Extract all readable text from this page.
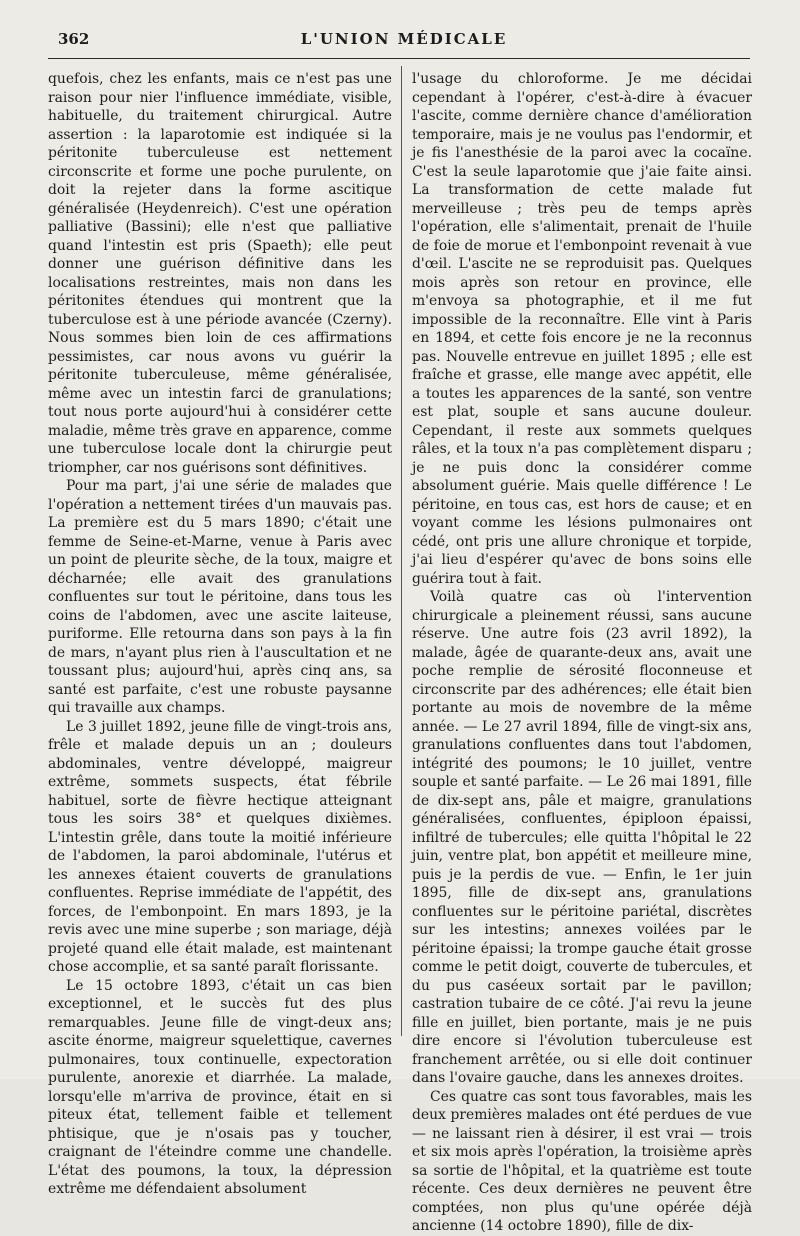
362	L'UNION MÉDICALE

quefois, chez les enfants, mais ce n'est pas une raison pour nier l'influence immédiate, visible, habituelle, du traitement chirurgical. Autre assertion : la laparotomie est indiquée si la péritonite tuberculeuse est nettement circonscrite et forme une poche purulente, on doit la rejeter dans la forme ascitique généralisée (Heydenreich). C'est une opération palliative (Bassini); elle n'est que palliative quand l'intestin est pris (Spaeth); elle peut donner une guérison définitive dans les localisations restreintes, mais non dans les péritonites étendues qui montrent que la tuberculose est à une période avancée (Czerny). Nous sommes bien loin de ces affirmations pessimistes, car nous avons vu guérir la péritonite tuberculeuse, même généralisée, même avec un intestin farci de granulations; tout nous porte aujourd'hui à considérer cette maladie, même très grave en apparence, comme une tuberculose locale dont la chirurgie peut triompher, car nos guérisons sont définitives.

Pour ma part, j'ai une série de malades que l'opération a nettement tirées d'un mauvais pas. La première est du 5 mars 1890; c'était une femme de Seine-et-Marne, venue à Paris avec un point de pleurite sèche, de la toux, maigre et décharnée; elle avait des granulations confluentes sur tout le péritoine, dans tous les coins de l'abdomen, avec une ascite laiteuse, puriforme. Elle retourna dans son pays à la fin de mars, n'ayant plus rien à l'auscultation et ne toussant plus; aujourd'hui, après cinq ans, sa santé est parfaite, c'est une robuste paysanne qui travaille aux champs.

Le 3 juillet 1892, jeune fille de vingt-trois ans, frêle et malade depuis un an ; douleurs abdominales, ventre développé, maigreur extrême, sommets suspects, état fébrile habituel, sorte de fièvre hectique atteignant tous les soirs 38° et quelques dixièmes. L'intestin grêle, dans toute la moitié inférieure de l'abdomen, la paroi abdominale, l'utérus et les annexes étaient couverts de granulations confluentes. Reprise immédiate de l'appétit, des forces, de l'embonpoint. En mars 1893, je la revis avec une mine superbe ; son mariage, déjà projeté quand elle était malade, est maintenant chose accomplie, et sa santé paraît florissante.

Le 15 octobre 1893, c'était un cas bien exceptionnel, et le succès fut des plus remarquables. Jeune fille de vingt-deux ans; ascite énorme, maigreur squelettique, cavernes pulmonaires, toux continuelle, expectoration purulente, anorexie et diarrhée. La malade, lorsqu'elle m'arriva de province, était en si piteux état, tellement faible et tellement phtisique, que je n'osais pas y toucher, craignant de l'éteindre comme une chandelle. L'état des poumons, la toux, la dépression extrême me défendaient absolument

l'usage du chloroforme. Je me décidai cependant à l'opérer, c'est-à-dire à évacuer l'ascite, comme dernière chance d'amélioration temporaire, mais je ne voulus pas l'endormir, et je fis l'anesthésie de la paroi avec la cocaïne. C'est la seule laparotomie que j'aie faite ainsi. La transformation de cette malade fut merveilleuse ; très peu de temps après l'opération, elle s'alimentait, prenait de l'huile de foie de morue et l'embonpoint revenait à vue d'œil. L'ascite ne se reproduisit pas. Quelques mois après son retour en province, elle m'envoya sa photographie, et il me fut impossible de la reconnaître. Elle vint à Paris en 1894, et cette fois encore je ne la reconnus pas. Nouvelle entrevue en juillet 1895 ; elle est fraîche et grasse, elle mange avec appétit, elle a toutes les apparences de la santé, son ventre est plat, souple et sans aucune douleur. Cependant, il reste aux sommets quelques râles, et la toux n'a pas complètement disparu ; je ne puis donc la considérer comme absolument guérie. Mais quelle différence ! Le péritoine, en tous cas, est hors de cause; et en voyant comme les lésions pulmonaires ont cédé, ont pris une allure chronique et torpide, j'ai lieu d'espérer qu'avec de bons soins elle guérira tout à fait.

Voilà quatre cas où l'intervention chirurgicale a pleinement réussi, sans aucune réserve. Une autre fois (23 avril 1892), la malade, âgée de quarante-deux ans, avait une poche remplie de sérosité floconneuse et circonscrite par des adhérences; elle était bien portante au mois de novembre de la même année. — Le 27 avril 1894, fille de vingt-six ans, granulations confluentes dans tout l'abdomen, intégrité des poumons; le 10 juillet, ventre souple et santé parfaite. — Le 26 mai 1891, fille de dix-sept ans, pâle et maigre, granulations généralisées, confluentes, épiploon épaissi, infiltré de tubercules; elle quitta l'hôpital le 22 juin, ventre plat, bon appétit et meilleure mine, puis je la perdis de vue. — Enfin, le 1er juin 1895, fille de dix-sept ans, granulations confluentes sur le péritoine pariétal, discrètes sur les intestins; annexes voilées par le péritoine épaissi; la trompe gauche était grosse comme le petit doigt, couverte de tubercules, et du pus caséeux sortait par le pavillon; castration tubaire de ce côté. J'ai revu la jeune fille en juillet, bien portante, mais je ne puis dire encore si l'évolution tuberculeuse est franchement arrêtée, ou si elle doit continuer dans l'ovaire gauche, dans les annexes droites.

Ces quatre cas sont tous favorables, mais les deux premières malades ont été perdues de vue — ne laissant rien à désirer, il est vrai — trois et six mois après l'opération, la troisième après sa sortie de l'hôpital, et la quatrième est toute récente. Ces deux dernières ne peuvent être comptées, non plus qu'une opérée déjà ancienne (14 octobre 1890), fille de dix-
